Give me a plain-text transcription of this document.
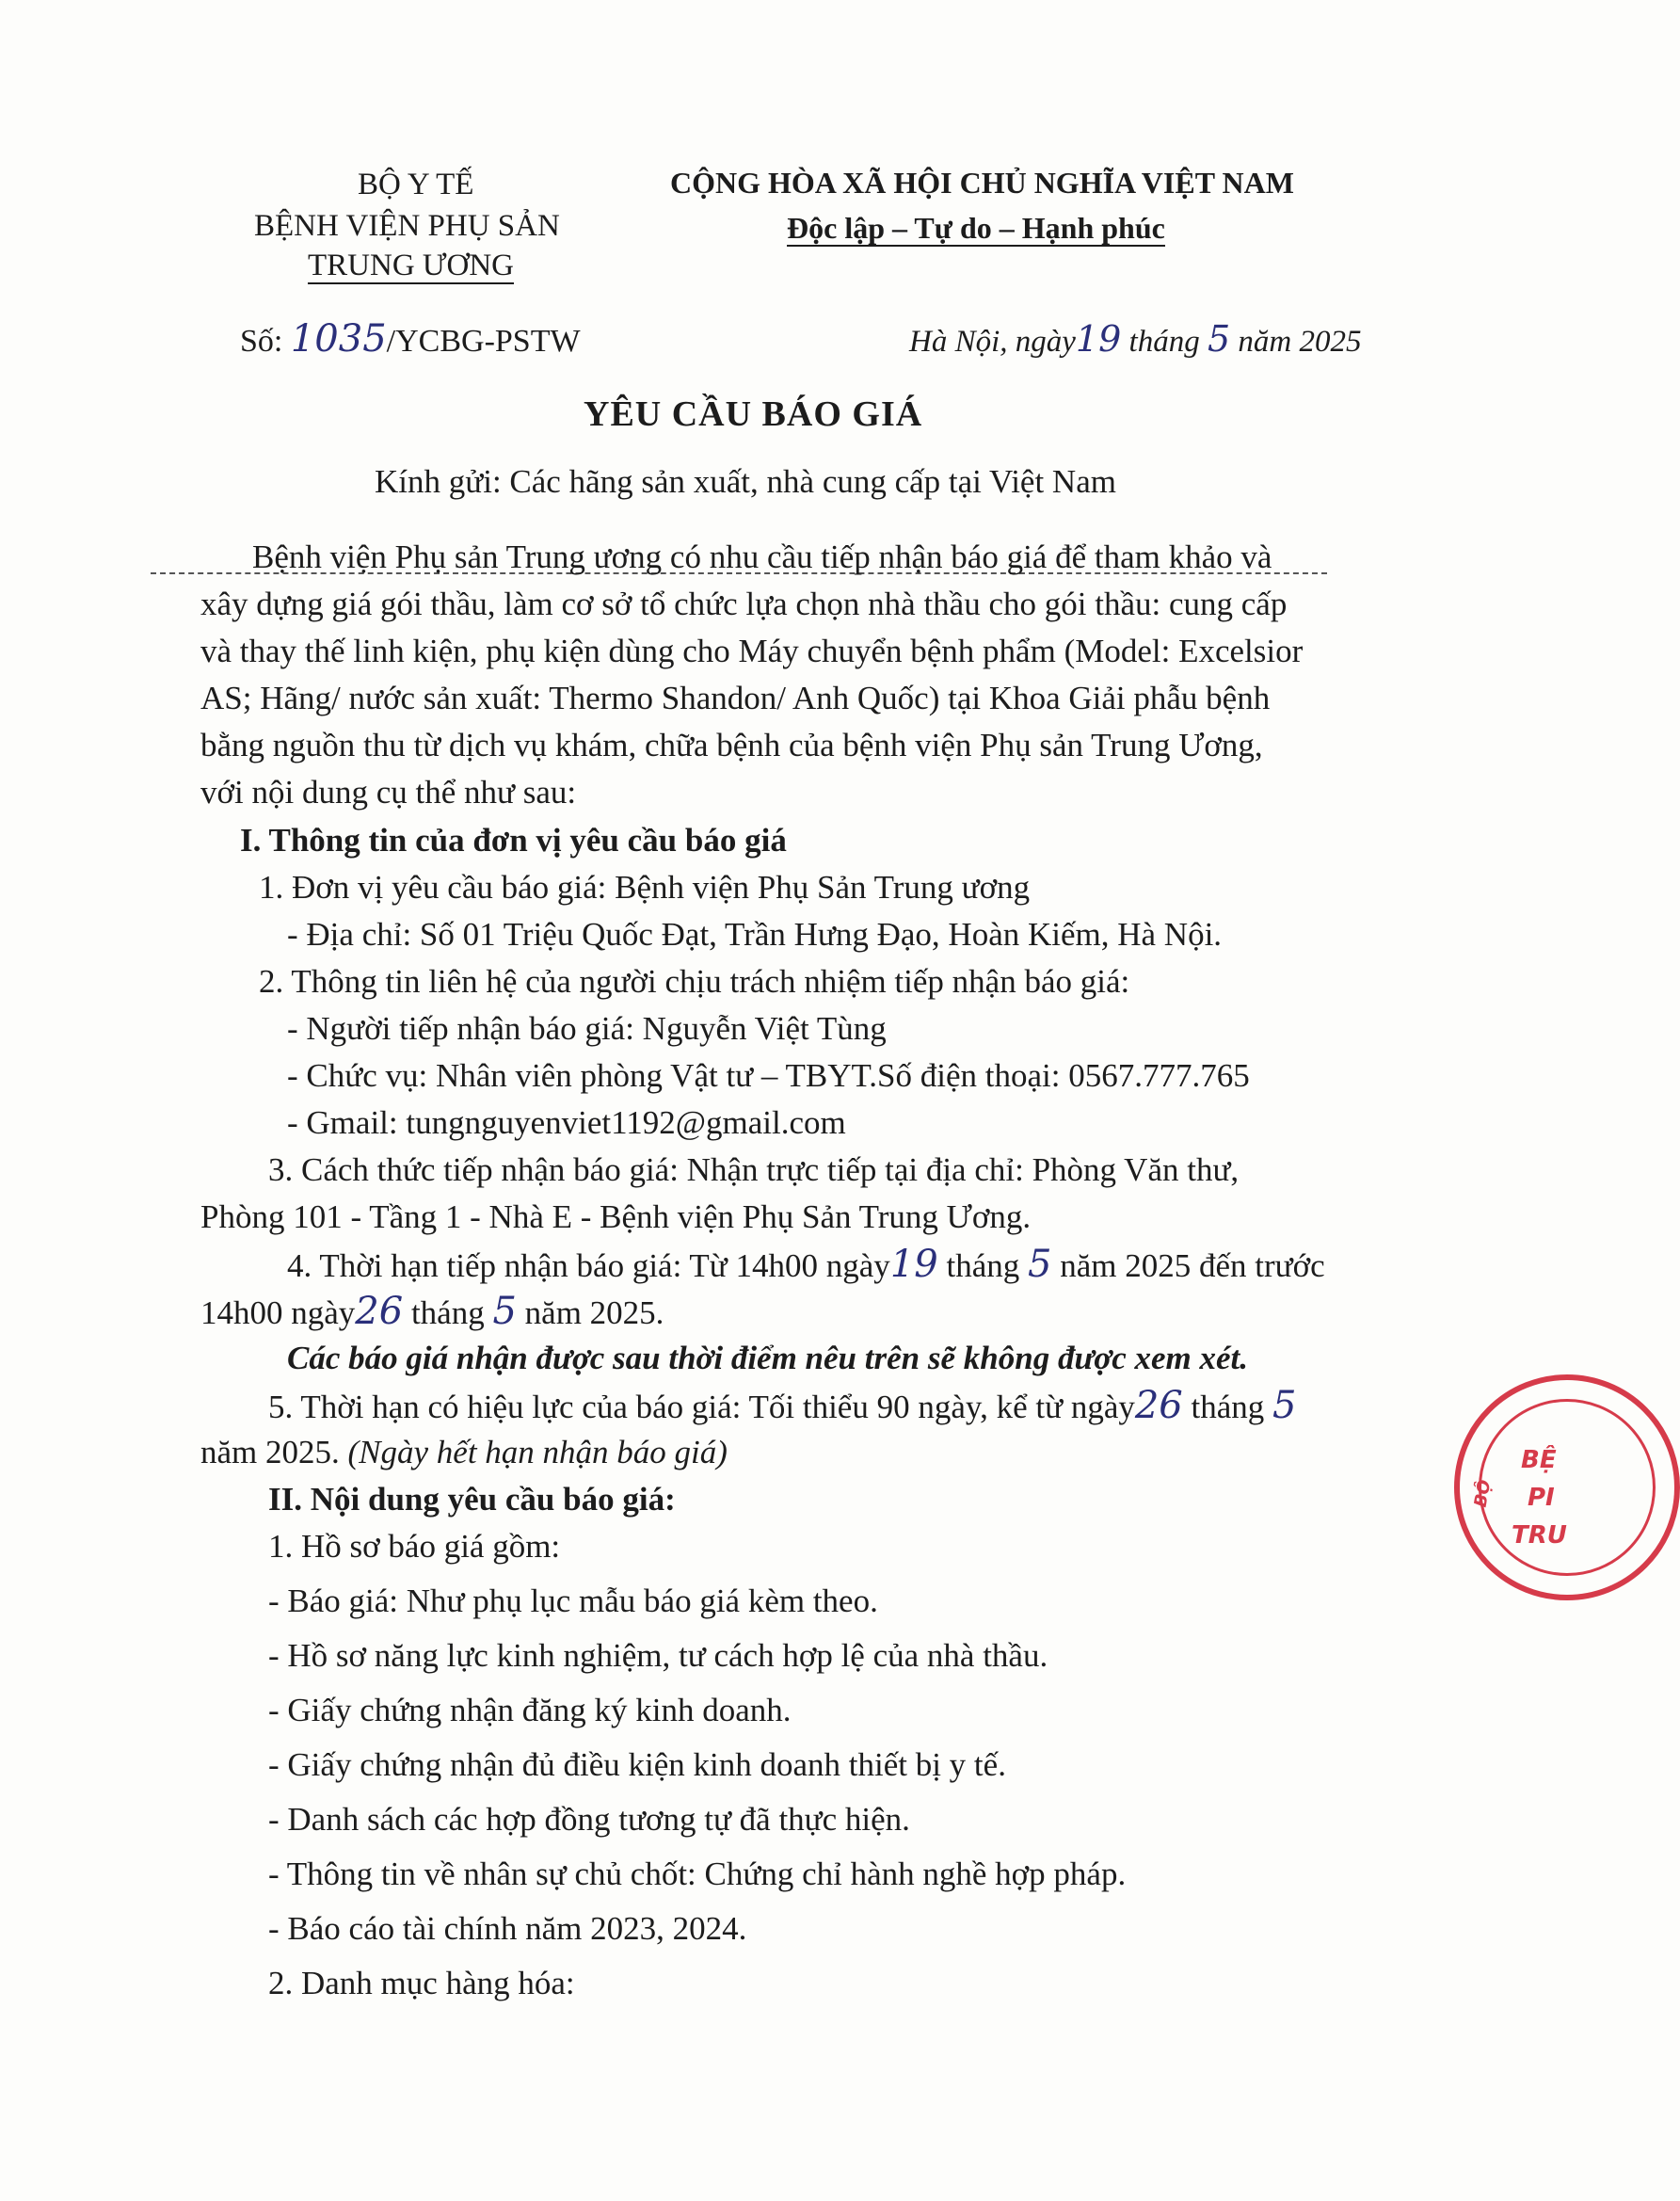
BỘ Y TẾ
BỆNH VIỆN PHỤ SẢN
TRUNG ƯƠNG
CỘNG HÒA XÃ HỘI CHỦ NGHĨA VIỆT NAM
Độc lập – Tự do – Hạnh phúc
Số: 1035/YCBG-PSTW	Hà Nội, ngày19 tháng 5 năm 2025
YÊU CẦU BÁO GIÁ
Kính gửi: Các hãng sản xuất, nhà cung cấp tại Việt Nam
Bệnh viện Phụ sản Trung ương có nhu cầu tiếp nhận báo giá để tham khảo và
xây dựng giá gói thầu, làm cơ sở tổ chức lựa chọn nhà thầu cho gói thầu: cung cấp
và thay thế linh kiện, phụ kiện dùng cho Máy chuyển bệnh phẩm (Model: Excelsior
AS; Hãng/ nước sản xuất: Thermo Shandon/ Anh Quốc) tại Khoa Giải phẫu bệnh
bằng nguồn thu từ dịch vụ khám, chữa bệnh của bệnh viện Phụ sản Trung Ương,
với nội dung cụ thể như sau:
I. Thông tin của đơn vị yêu cầu báo giá
1. Đơn vị yêu cầu báo giá: Bệnh viện Phụ Sản Trung ương
- Địa chỉ: Số 01 Triệu Quốc Đạt, Trần Hưng Đạo, Hoàn Kiếm, Hà Nội.
2. Thông tin liên hệ của người chịu trách nhiệm tiếp nhận báo giá:
- Người tiếp nhận báo giá: Nguyễn Việt Tùng
- Chức vụ: Nhân viên phòng Vật tư – TBYT.Số điện thoại: 0567.777.765
- Gmail: tungnguyenviet1192@gmail.com
3. Cách thức tiếp nhận báo giá: Nhận trực tiếp tại địa chỉ: Phòng Văn thư,
Phòng 101 - Tầng 1 - Nhà E - Bệnh viện Phụ Sản Trung Ương.
4. Thời hạn tiếp nhận báo giá: Từ 14h00 ngày19 tháng 5 năm 2025 đến trước
14h00 ngày26 tháng 5 năm 2025.
Các báo giá nhận được sau thời điểm nêu trên sẽ không được xem xét.
5. Thời hạn có hiệu lực của báo giá: Tối thiểu 90 ngày, kể từ ngày26 tháng 5
năm 2025. (Ngày hết hạn nhận báo giá)
II. Nội dung yêu cầu báo giá:
1. Hồ sơ báo giá gồm:
- Báo giá: Như phụ lục mẫu báo giá kèm theo.
- Hồ sơ năng lực kinh nghiệm, tư cách hợp lệ của nhà thầu.
- Giấy chứng nhận đăng ký kinh doanh.
- Giấy chứng nhận đủ điều kiện kinh doanh thiết bị y tế.
- Danh sách các hợp đồng tương tự đã thực hiện.
- Thông tin về nhân sự chủ chốt: Chứng chỉ hành nghề hợp pháp.
- Báo cáo tài chính năm 2023, 2024.
2. Danh mục hàng hóa:
BỆ
PI
TRU
BỘ
